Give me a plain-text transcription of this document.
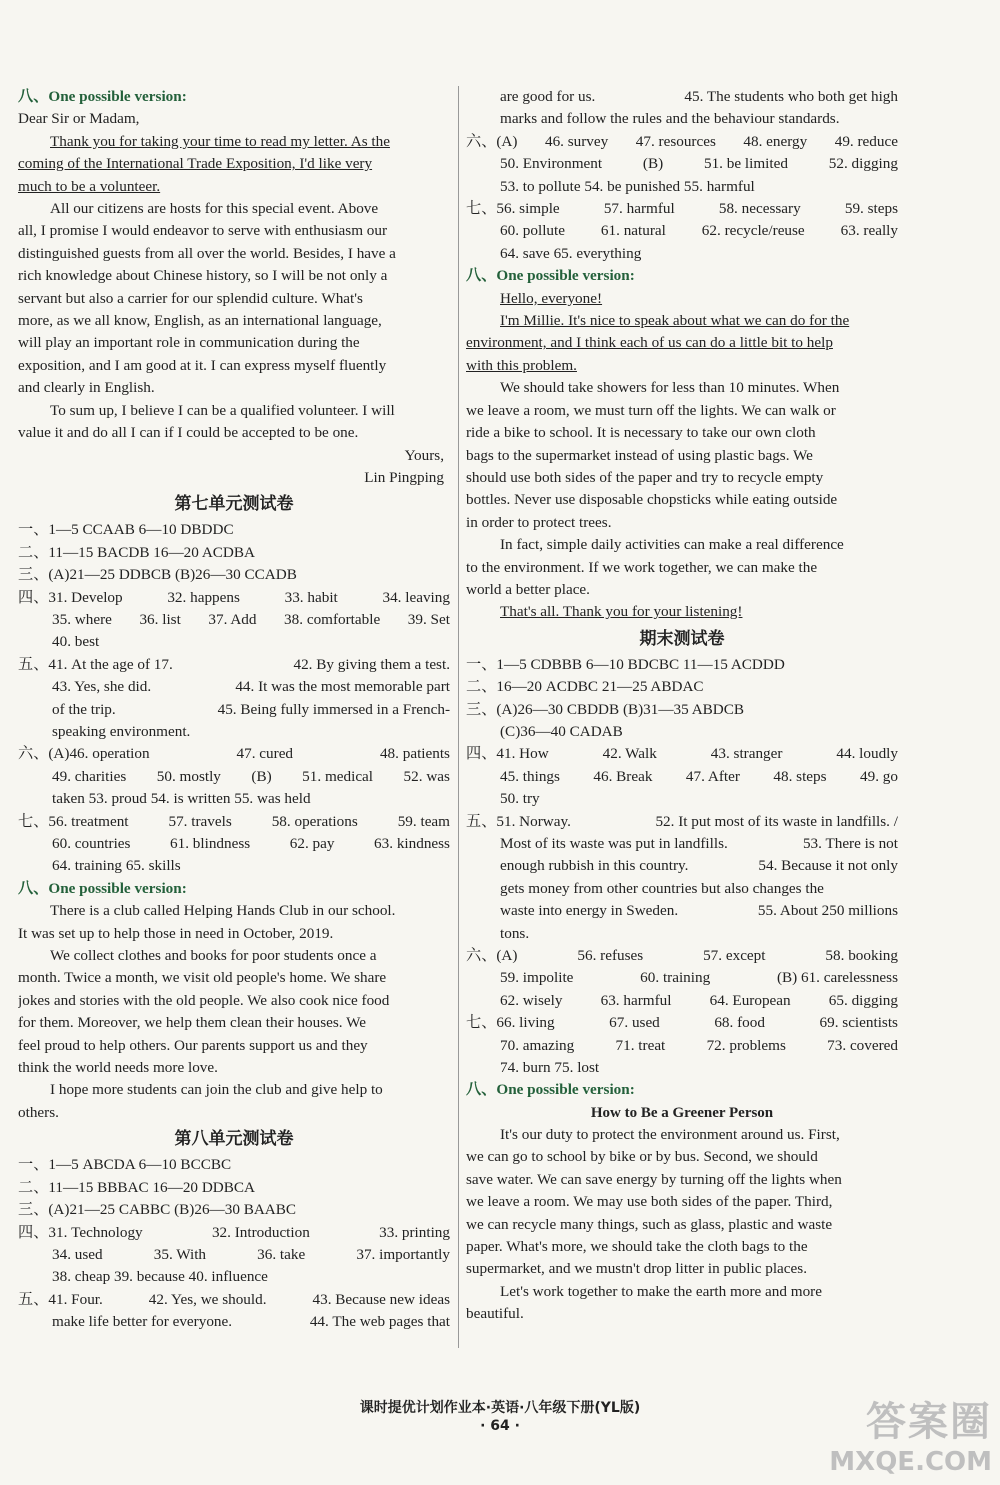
八、One possible version:
Dear Sir or Madam,
Thank you for taking your time to read my letter. As the
coming of the International Trade Exposition, I'd like very
much to be a volunteer.
All our citizens are hosts for this special event. Above
all, I promise I would endeavor to serve with enthusiasm our
distinguished guests from all over the world. Besides, I have a
rich knowledge about Chinese history, so I will be not only a
servant but also a carrier for our splendid culture. What's
more, as we all know, English, as an international language,
will play an important role in communication during the
exposition, and I am good at it. I can express myself fluently
and clearly in English.
To sum up, I believe I can be a qualified volunteer. I will
value it and do all I can if I could be accepted to be one.
Yours,
Lin Pingping
第七单元测试卷
一、1—5 CCAAB 6—10 DBDDC
二、11—15 BACDB 16—20 ACDBA
三、(A)21—25 DDBCB (B)26—30 CCADB
四、31. Develop	32. happens	33. habit	34. leaving
35. where 36. list 37. Add 38. comfortable 39. Set
40. best
五、41. At the age of 17.	42. By giving them a test.
43. Yes, she did.	44. It was the most memorable part
of the trip.	45. Being fully immersed in a French-
speaking environment.
六、(A)46. operation	47. cured	48. patients
49. charities 50. mostly (B) 51. medical 52. was
taken 53. proud 54. is written 55. was held
七、56. treatment	57. travels	58. operations	59. team
60. countries	61. blindness	62. pay	63. kindness
64. training 65. skills
八、One possible version:
There is a club called Helping Hands Club in our school.
It was set up to help those in need in October, 2019.
We collect clothes and books for poor students once a
month. Twice a month, we visit old people's home. We share
jokes and stories with the old people. We also cook nice food
for them. Moreover, we help them clean their houses. We
feel proud to help others. Our parents support us and they
think the world needs more love.
I hope more students can join the club and give help to
others.
第八单元测试卷
一、1—5 ABCDA 6—10 BCCBC
二、11—15 BBBAC 16—20 DDBCA
三、(A)21—25 CABBC (B)26—30 BAABC
四、31. Technology	32. Introduction	33. printing
34. used	35. With	36. take	37. importantly
38. cheap 39. because 40. influence
五、41. Four.	42. Yes, we should.	43. Because new ideas
make life better for everyone.	44. The web pages that
are good for us.	45. The students who both get high
marks and follow the rules and the behaviour standards.
六、(A) 46. survey 47. resources 48. energy 49. reduce
50. Environment	(B)	51. be limited	52. digging
53. to pollute 54. be punished 55. harmful
七、56. simple	57. harmful	58. necessary	59. steps
60. pollute 61. natural 62. recycle/reuse 63. really
64. save 65. everything
八、One possible version:
Hello, everyone!
I'm Millie. It's nice to speak about what we can do for the
environment, and I think each of us can do a little bit to help
with this problem.
We should take showers for less than 10 minutes. When
we leave a room, we must turn off the lights. We can walk or
ride a bike to school. It is necessary to take our own cloth
bags to the supermarket instead of using plastic bags. We
should use both sides of the paper and try to recycle empty
bottles. Never use disposable chopsticks while eating outside
in order to protect trees.
In fact, simple daily activities can make a real difference
to the environment. If we work together, we can make the
world a better place.
That's all. Thank you for your listening!
期末测试卷
一、1—5 CDBBB 6—10 BDCBC 11—15 ACDDD
二、16—20 ACDBC 21—25 ABDAC
三、(A)26—30 CBDDB (B)31—35 ABDCB
(C)36—40 CADAB
四、41. How	42. Walk	43. stranger	44. loudly
45. things 46. Break 47. After 48. steps 49. go
50. try
五、51. Norway.	52. It put most of its waste in landfills. /
Most of its waste was put in landfills.	53. There is not
enough rubbish in this country.	54. Because it not only
gets money from other countries but also changes the
waste into energy in Sweden.	55. About 250 millions
tons.
六、(A)	56. refuses	57. except	58. booking
59. impolite	60. training	(B) 61. carelessness
62. wisely	63. harmful	64. European	65. digging
七、66. living	67. used	68. food	69. scientists
70. amazing	71. treat	72. problems	73. covered
74. burn 75. lost
八、One possible version:
How to Be a Greener Person
It's our duty to protect the environment around us. First,
we can go to school by bike or by bus. Second, we should
save water. We can save energy by turning off the lights when
we leave a room. We may use both sides of the paper. Third,
we can recycle many things, such as glass, plastic and waste
paper. What's more, we should take the cloth bags to the
supermarket, and we mustn't drop litter in public places.
Let's work together to make the earth more and more
beautiful.
课时提优计划作业本·英语·八年级下册(YL版)
· 64 ·	答案圈
MXQE.COM
